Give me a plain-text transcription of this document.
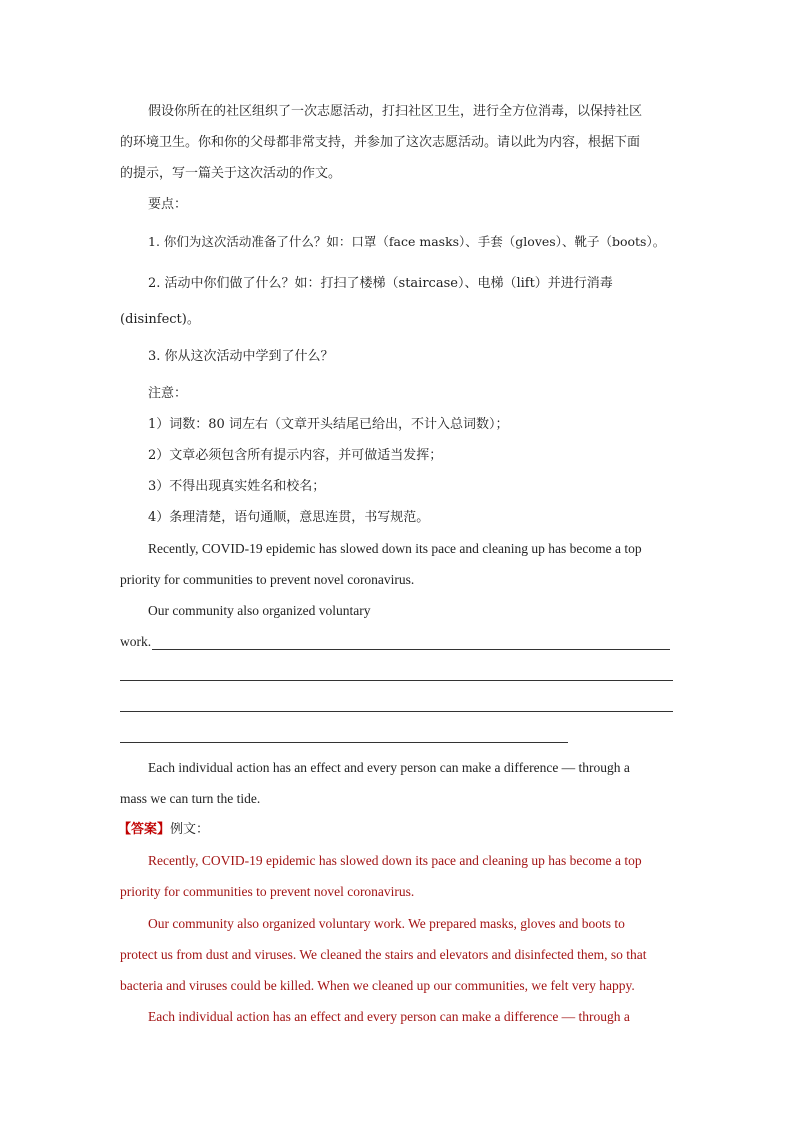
假设你所在的社区组织了一次志愿活动，打扫社区卫生，进行全方位消毒，以保持社区
的环境卫生。你和你的父母都非常支持，并参加了这次志愿活动。请以此为内容，根据下面
的提示，写一篇关于这次活动的作文。
要点：
1. 你们为这次活动准备了什么？如：口罩（face masks）、手套（gloves）、靴子（boots）。
2. 活动中你们做了什么？如：打扫了楼梯（staircase）、电梯（lift）并进行消毒
(disinfect)。
3. 你从这次活动中学到了什么？
注意：
1）词数：80 词左右（文章开头结尾已给出，不计入总词数）；
2）文章必须包含所有提示内容，并可做适当发挥；
3）不得出现真实姓名和校名；
4）条理清楚，语句通顺，意思连贯，书写规范。
Recently, COVID-19 epidemic has slowed down its pace and cleaning up has become a top
priority for communities to prevent novel coronavirus.
Our community also organized voluntary
work.
Each individual action has an effect and every person can make a difference — through a
mass we can turn the tide.
【答案】例文：
Recently, COVID-19 epidemic has slowed down its pace and cleaning up has become a top
priority for communities to prevent novel coronavirus.
Our community also organized voluntary work. We prepared masks, gloves and boots to
protect us from dust and viruses. We cleaned the stairs and elevators and disinfected them, so that
bacteria and viruses could be killed. When we cleaned up our communities, we felt very happy.
Each individual action has an effect and every person can make a difference — through a
